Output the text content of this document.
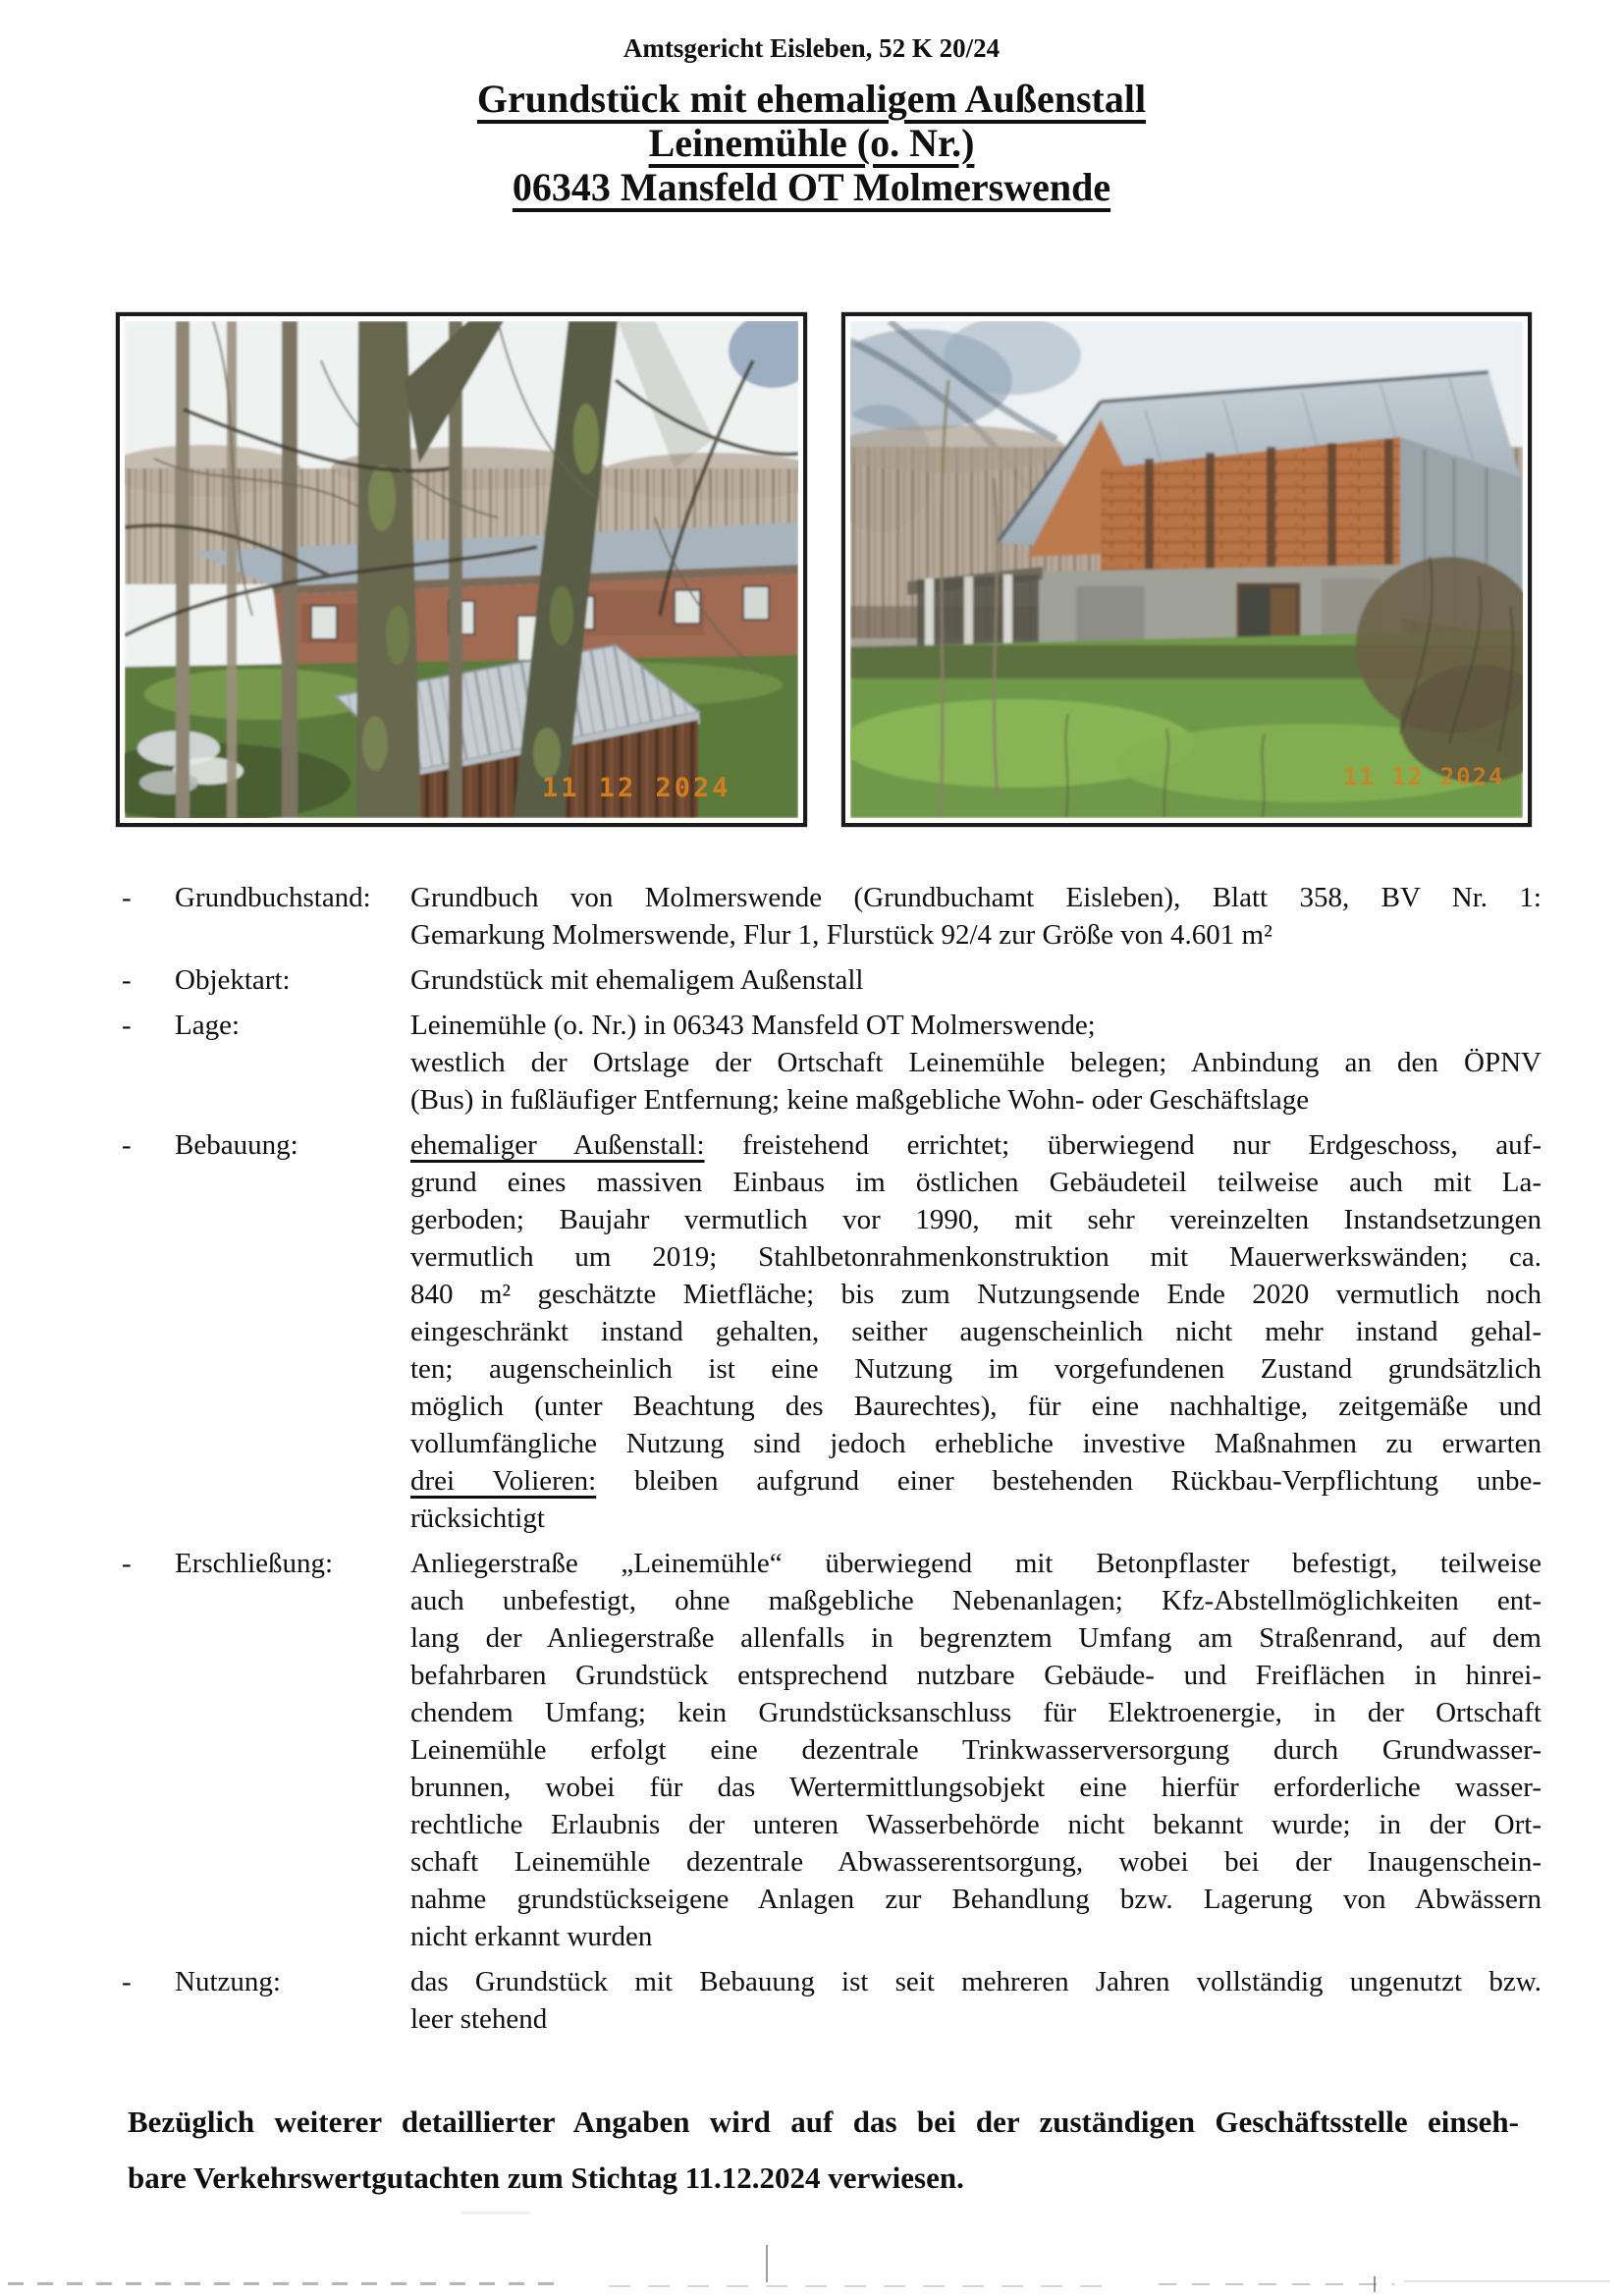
Amtsgericht Eisleben, 52 K 20/24
Grundstück mit ehemaligem Außenstall
Leinemühle (o. Nr.)
06343 Mansfeld OT Molmerswende
11 12 2024	11 12 2024
-	Grundbuchstand:	Grundbuch von Molmerswende (Grundbuchamt Eisleben), Blatt 358, BV Nr. 1:
Gemarkung Molmerswende, Flur 1, Flurstück 92/4 zur Größe von 4.601 m²
-	Objektart:	Grundstück mit ehemaligem Außenstall
-	Lage:	Leinemühle (o. Nr.) in 06343 Mansfeld OT Molmerswende;
westlich der Ortslage der Ortschaft Leinemühle belegen; Anbindung an den ÖPNV
(Bus) in fußläufiger Entfernung; keine maßgebliche Wohn- oder Geschäftslage
-	Bebauung:	ehemaliger Außenstall: freistehend errichtet; überwiegend nur Erdgeschoss, auf-
grund eines massiven Einbaus im östlichen Gebäudeteil teilweise auch mit La-
gerboden; Baujahr vermutlich vor 1990, mit sehr vereinzelten Instandsetzungen
vermutlich um 2019; Stahlbetonrahmenkonstruktion mit Mauerwerkswänden; ca.
840 m² geschätzte Mietfläche; bis zum Nutzungsende Ende 2020 vermutlich noch
eingeschränkt instand gehalten, seither augenscheinlich nicht mehr instand gehal-
ten; augenscheinlich ist eine Nutzung im vorgefundenen Zustand grundsätzlich
möglich (unter Beachtung des Baurechtes), für eine nachhaltige, zeitgemäße und
vollumfängliche Nutzung sind jedoch erhebliche investive Maßnahmen zu erwarten
drei Volieren: bleiben aufgrund einer bestehenden Rückbau-Verpflichtung unbe-
rücksichtigt
-	Erschließung:	Anliegerstraße „Leinemühle“ überwiegend mit Betonpflaster befestigt, teilweise
auch unbefestigt, ohne maßgebliche Nebenanlagen; Kfz-Abstellmöglichkeiten ent-
lang der Anliegerstraße allenfalls in begrenztem Umfang am Straßenrand, auf dem
befahrbaren Grundstück entsprechend nutzbare Gebäude- und Freiflächen in hinrei-
chendem Umfang; kein Grundstücksanschluss für Elektroenergie, in der Ortschaft
Leinemühle erfolgt eine dezentrale Trinkwasserversorgung durch Grundwasser-
brunnen, wobei für das Wertermittlungsobjekt eine hierfür erforderliche wasser-
rechtliche Erlaubnis der unteren Wasserbehörde nicht bekannt wurde; in der Ort-
schaft Leinemühle dezentrale Abwasserentsorgung, wobei bei der Inaugenschein-
nahme grundstückseigene Anlagen zur Behandlung bzw. Lagerung von Abwässern
nicht erkannt wurden
-	Nutzung:	das Grundstück mit Bebauung ist seit mehreren Jahren vollständig ungenutzt bzw.
leer stehend
Bezüglich weiterer detaillierter Angaben wird auf das bei der zuständigen Geschäftsstelle einseh-
bare Verkehrswertgutachten zum Stichtag 11.12.2024 verwiesen.
